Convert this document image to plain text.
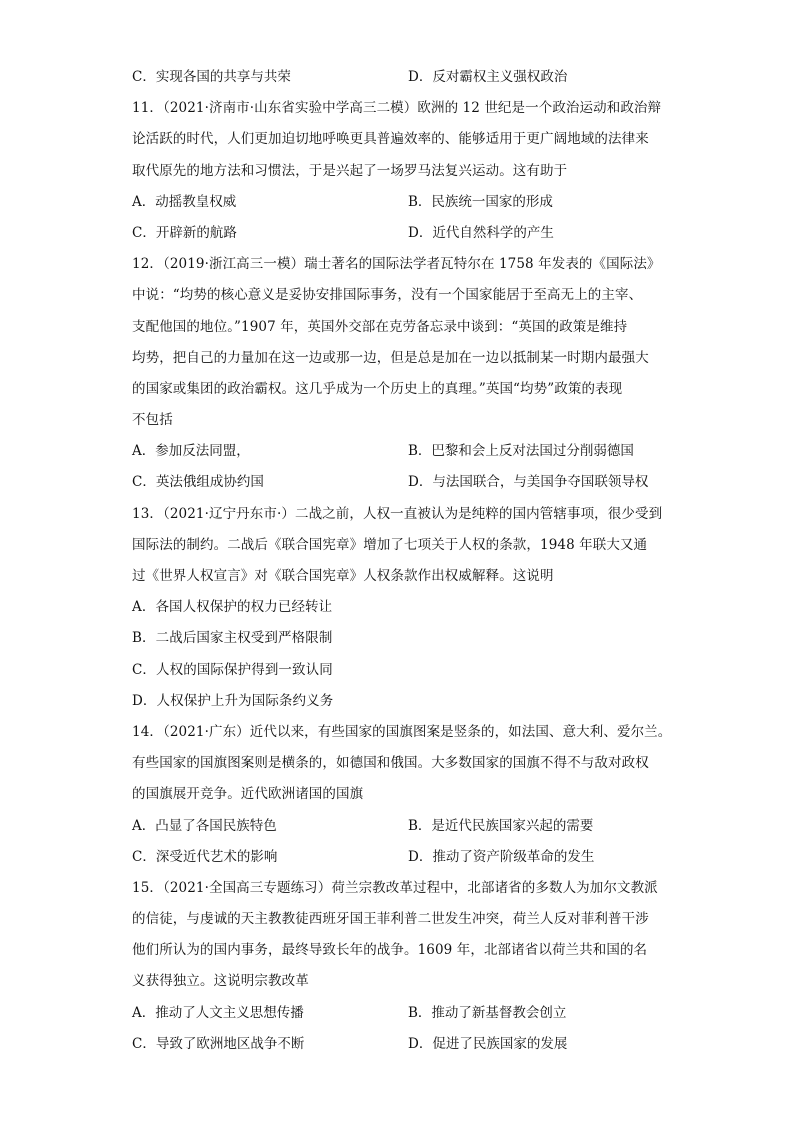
C．实现各国的共享与共荣	D．反对霸权主义强权政治
11．（2021·济南市·山东省实验中学高三二模）欧洲的 12 世纪是一个政治运动和政治辩
论活跃的时代，人们更加迫切地呼唤更具普遍效率的、能够适用于更广阔地域的法律来
取代原先的地方法和习惯法，于是兴起了一场罗马法复兴运动。这有助于
A．动摇教皇权威	B．民族统一国家的形成
C．开辟新的航路	D．近代自然科学的产生
12．（2019·浙江高三一模）瑞士著名的国际法学者瓦特尔在 1758 年发表的《国际法》
中说：“均势的核心意义是妥协安排国际事务，没有一个国家能居于至高无上的主宰、
支配他国的地位。”1907 年，英国外交部在克劳备忘录中谈到：“英国的政策是维持
均势，把自己的力量加在这一边或那一边，但是总是加在一边以抵制某一时期内最强大
的国家或集团的政治霸权。这几乎成为一个历史上的真理。”英国“均势”政策的表现
不包括
A．参加反法同盟，	B．巴黎和会上反对法国过分削弱德国
C．英法俄组成协约国	D．与法国联合，与美国争夺国联领导权
13．（2021·辽宁丹东市·）二战之前，人权一直被认为是纯粹的国内管辖事项，很少受到
国际法的制约。二战后《联合国宪章》增加了七项关于人权的条款，1948 年联大又通
过《世界人权宣言》对《联合国宪章》人权条款作出权威解释。这说明
A．各国人权保护的权力已经转让
B．二战后国家主权受到严格限制
C．人权的国际保护得到一致认同
D．人权保护上升为国际条约义务
14．（2021·广东）近代以来，有些国家的国旗图案是竖条的，如法国、意大利、爱尔兰。
有些国家的国旗图案则是横条的，如德国和俄国。大多数国家的国旗不得不与敌对政权
的国旗展开竞争。近代欧洲诸国的国旗
A．凸显了各国民族特色	B．是近代民族国家兴起的需要
C．深受近代艺术的影响	D．推动了资产阶级革命的发生
15．（2021·全国高三专题练习）荷兰宗教改革过程中，北部诸省的多数人为加尔文教派
的信徒，与虔诚的天主教教徒西班牙国王菲利普二世发生冲突，荷兰人反对菲利普干涉
他们所认为的国内事务，最终导致长年的战争。1609 年，北部诸省以荷兰共和国的名
义获得独立。这说明宗教改革
A．推动了人文主义思想传播	B．推动了新基督教会创立
C．导致了欧洲地区战争不断	D．促进了民族国家的发展
